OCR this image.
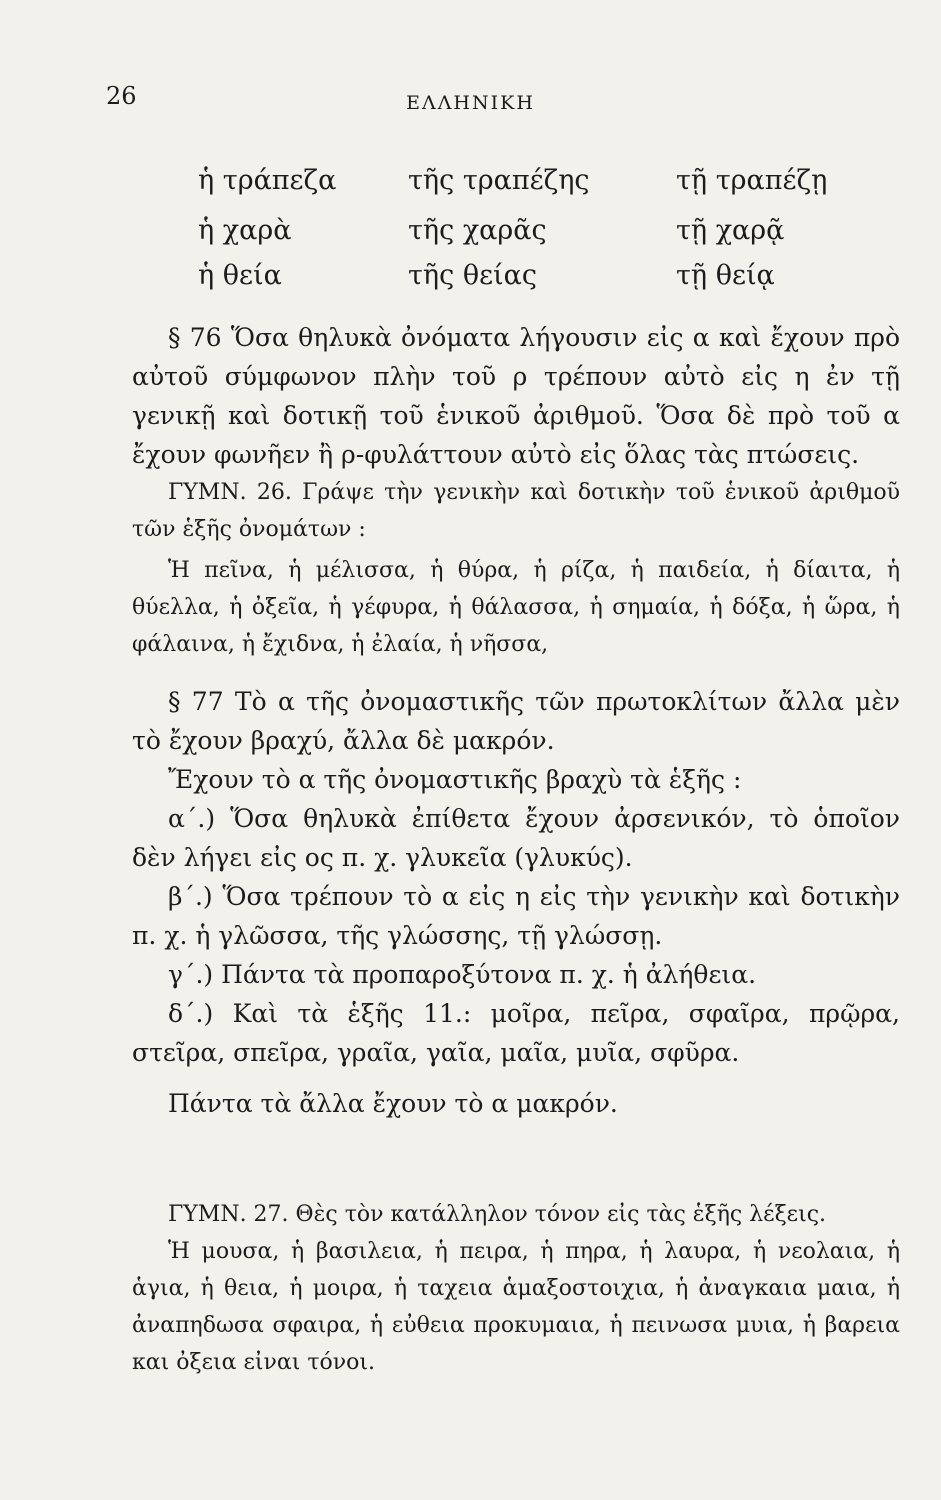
26	ΕΛΛΗΝΙΚΗ
ἡ τράπεζα	τῆς τραπέζης	τῇ τραπέζῃ
ἡ χαρὰ	τῆς χαρᾶς	τῇ χαρᾷ
ἡ θεία	τῆς θείας	τῇ θείᾳ

§ 76 Ὅσα θηλυκὰ ὀνόματα λήγουσιν εἰς α καὶ ἔχουν πρὸ αὐτοῦ σύμφωνον πλὴν τοῦ ρ τρέπουν αὐτὸ εἰς η ἐν τῇ γενικῇ καὶ δοτικῇ τοῦ ἑνικοῦ ἀριθμοῦ. Ὅσα δὲ πρὸ τοῦ α ἔχουν φωνῆεν ἢ ρ-φυλάττουν αὐτὸ εἰς ὅλας τὰς πτώσεις.

ΓΥΜΝ. 26. Γράψε τὴν γενικὴν καὶ δοτικὴν τοῦ ἑνικοῦ ἀριθμοῦ τῶν ἑξῆς ὀνομάτων :

Ἡ πεῖνα, ἡ μέλισσα, ἡ θύρα, ἡ ρίζα, ἡ παιδεία, ἡ δίαιτα, ἡ θύελλα, ἡ ὀξεῖα, ἡ γέφυρα, ἡ θάλασσα, ἡ σημαία, ἡ δόξα, ἡ ὥρα, ἡ φάλαινα, ἡ ἔχιδνα, ἡ ἐλαία, ἡ νῆσσα,

§ 77 Τὸ α τῆς ὀνομαστικῆς τῶν πρωτοκλίτων ἄλλα μὲν τὸ ἔχουν βραχύ, ἄλλα δὲ μακρόν.

Ἔχουν τὸ α τῆς ὀνομαστικῆς βραχὺ τὰ ἑξῆς :

α΄.) Ὅσα θηλυκὰ ἐπίθετα ἔχουν ἀρσενικόν, τὸ ὁποῖον δὲν λήγει εἰς ος π. χ. γλυκεῖα (γλυκύς).

β΄.) Ὅσα τρέπουν τὸ α εἰς η εἰς τὴν γενικὴν καὶ δοτικὴν π. χ. ἡ γλῶσσα, τῆς γλώσσης, τῇ γλώσσῃ.

γ΄.) Πάντα τὰ προπαροξύτονα π. χ. ἡ ἀλήθεια.

δ΄.) Καὶ τὰ ἑξῆς 11.: μοῖρα, πεῖρα, σφαῖρα, πρῷρα, στεῖρα, σπεῖρα, γραῖα, γαῖα, μαῖα, μυῖα, σφῦρα.

Πάντα τὰ ἄλλα ἔχουν τὸ α μακρόν.

ΓΥΜΝ. 27. Θὲς τὸν κατάλληλον τόνον εἰς τὰς ἑξῆς λέξεις.

Ἡ μουσα, ἡ βασιλεια, ἡ πειρα, ἡ πηρα, ἡ λαυρα, ἡ νεολαια, ἡ ἁγια, ἡ θεια, ἡ μοιρα, ἡ ταχεια ἁμαξοστοιχια, ἡ ἀναγκαια μαια, ἡ ἀναπηδωσα σφαιρα, ἡ εὐθεια προκυμαια, ἡ πεινωσα μυια, ἡ βαρεια και ὀξεια εἰναι τόνοι.
